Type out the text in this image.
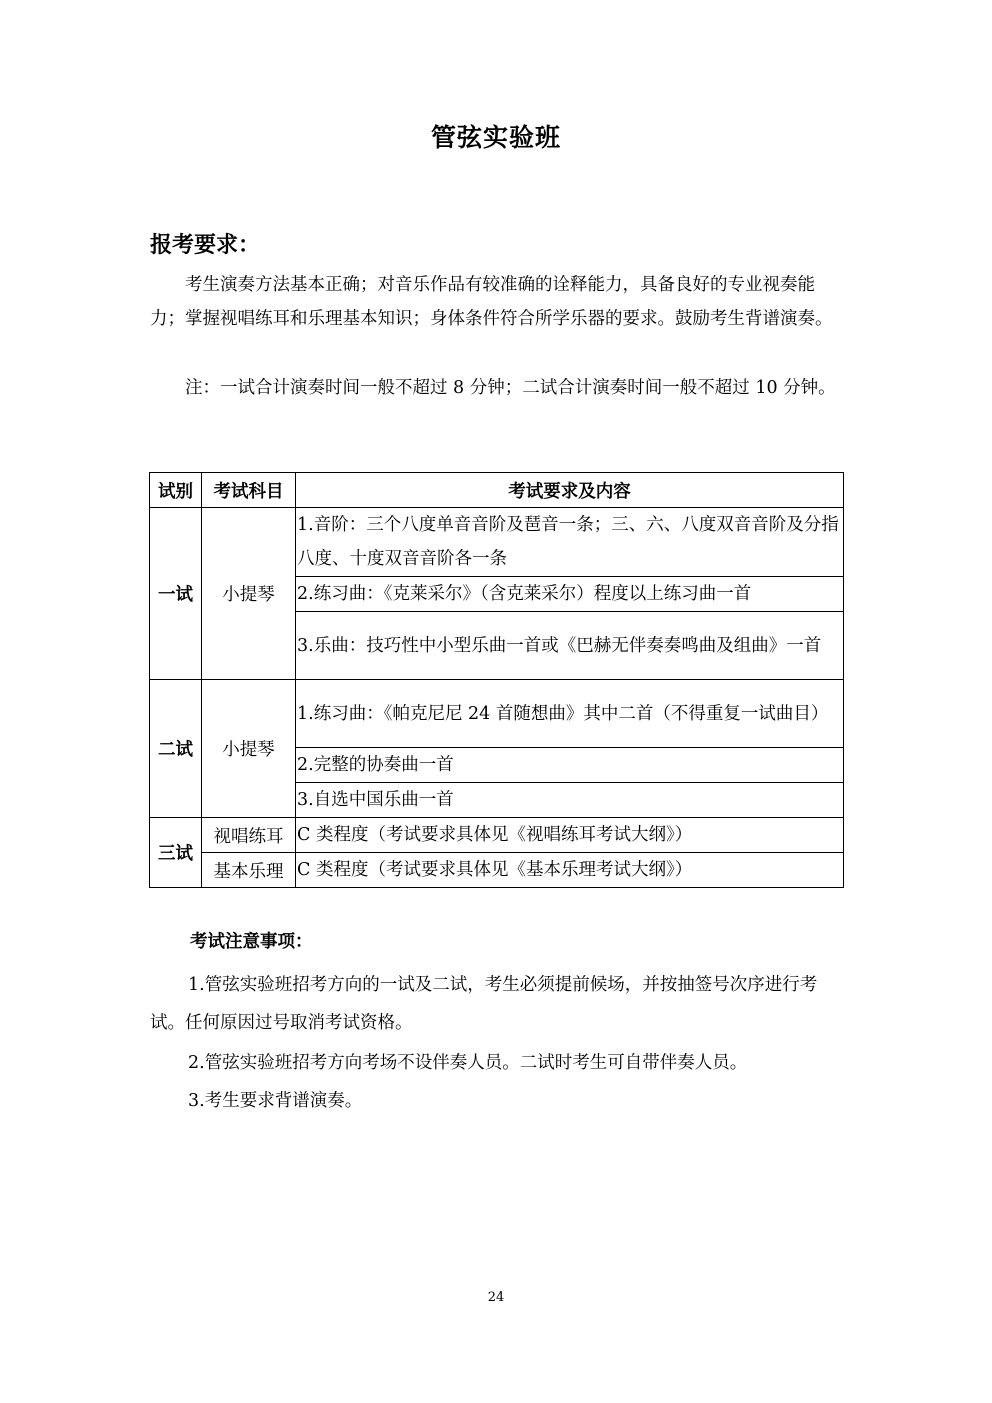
管弦实验班
报考要求：

考生演奏方法基本正确；对音乐作品有较准确的诠释能力，具备良好的专业视奏能力；掌握视唱练耳和乐理基本知识；身体条件符合所学乐器的要求。鼓励考生背谱演奏。

注：一试合计演奏时间一般不超过 8 分钟；二试合计演奏时间一般不超过 10 分钟。

试别	考试科目	考试要求及内容
一试	小提琴	1.音阶：三个八度单音音阶及琶音一条；三、六、八度双音音阶及分指八度、十度双音音阶各一条
		2.练习曲：《克莱采尔》（含克莱采尔）程度以上练习曲一首
		3.乐曲：技巧性中小型乐曲一首或《巴赫无伴奏奏鸣曲及组曲》一首
二试	小提琴	1.练习曲：《帕克尼尼 24 首随想曲》其中二首（不得重复一试曲目）
		2.完整的协奏曲一首
		3.自选中国乐曲一首
三试	视唱练耳	C 类程度（考试要求具体见《视唱练耳考试大纲》）
	基本乐理	C 类程度（考试要求具体见《基本乐理考试大纲》）
考试注意事项：

1.管弦实验班招考方向的一试及二试，考生必须提前候场，并按抽签号次序进行考试。任何原因过号取消考试资格。

2.管弦实验班招考方向考场不设伴奏人员。二试时考生可自带伴奏人员。

3.考生要求背谱演奏。

24
